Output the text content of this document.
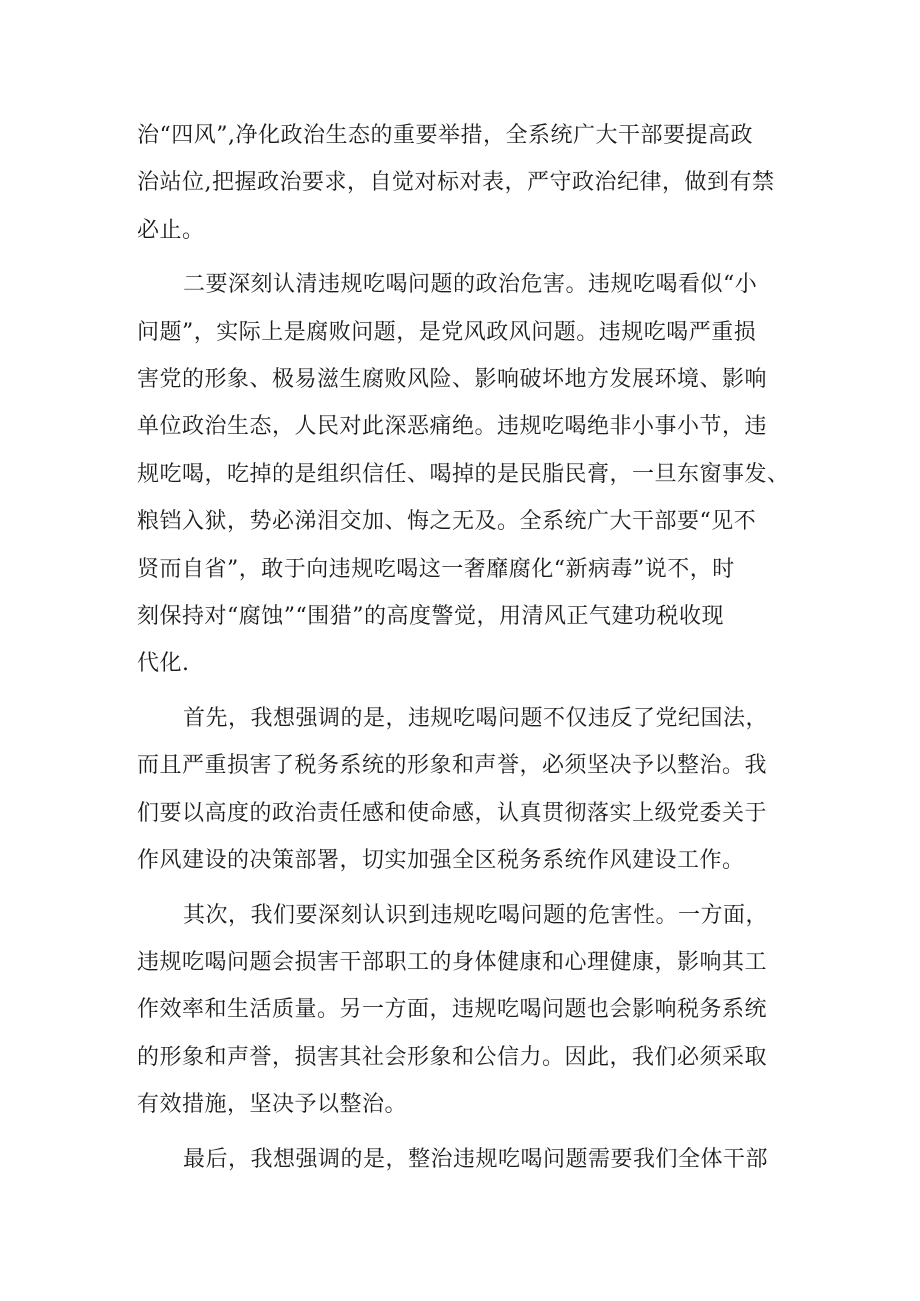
治“四风”,净化政治生态的重要举措，全系统广大干部要提高政
治站位,把握政治要求，自觉对标对表，严守政治纪律，做到有禁
必止。
二要深刻认清违规吃喝问题的政治危害。违规吃喝看似“小
问题”，实际上是腐败问题，是党风政风问题。违规吃喝严重损
害党的形象、极易滋生腐败风险、影响破坏地方发展环境、影响
单位政治生态，人民对此深恶痛绝。违规吃喝绝非小事小节，违
规吃喝，吃掉的是组织信任、喝掉的是民脂民膏，一旦东窗事发、
粮铛入狱，势必涕泪交加、悔之无及。全系统广大干部要“见不
贤而自省”，敢于向违规吃喝这一奢靡腐化“新病毒”说不，时
刻保持对“腐蚀”“围猎”的高度警觉，用清风正气建功税收现
代化.
首先，我想强调的是，违规吃喝问题不仅违反了党纪国法，
而且严重损害了税务系统的形象和声誉，必须坚决予以整治。我
们要以高度的政治责任感和使命感，认真贯彻落实上级党委关于
作风建设的决策部署，切实加强全区税务系统作风建设工作。
其次，我们要深刻认识到违规吃喝问题的危害性。一方面，
违规吃喝问题会损害干部职工的身体健康和心理健康，影响其工
作效率和生活质量。另一方面，违规吃喝问题也会影响税务系统
的形象和声誉，损害其社会形象和公信力。因此，我们必须采取
有效措施，坚决予以整治。
最后，我想强调的是，整治违规吃喝问题需要我们全体干部
